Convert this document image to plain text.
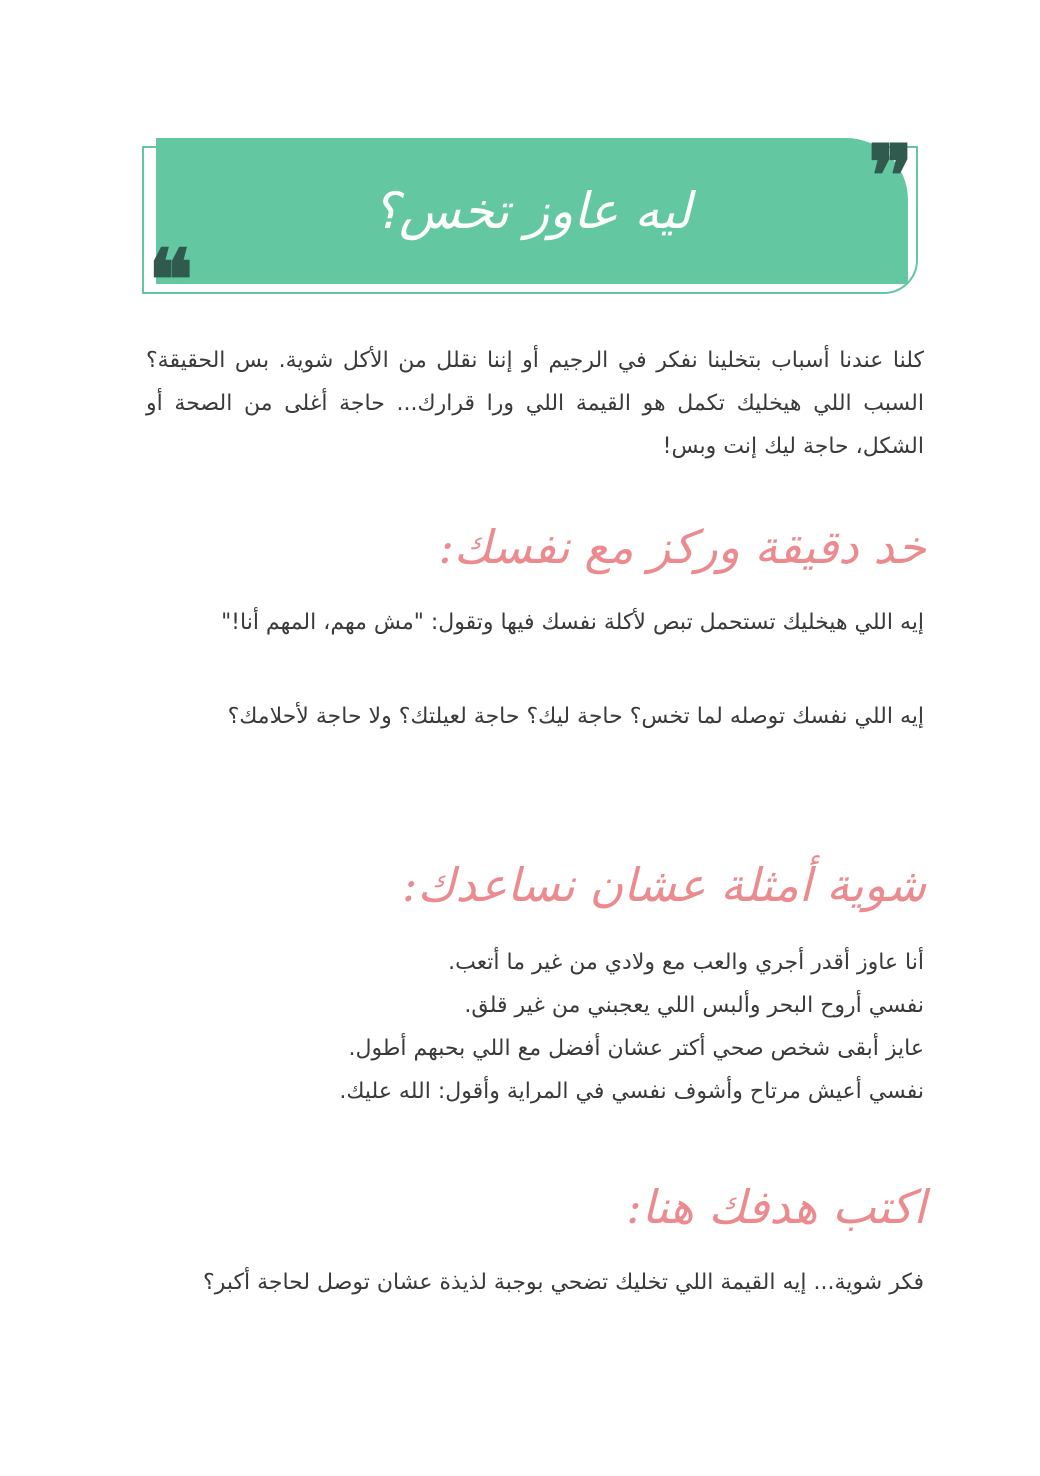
ليه عاوز تخس؟ ❞
❝

كلنا عندنا أسباب بتخلينا نفكر في الرجيم أو إننا نقلل من الأكل شوية. بس الحقيقة؟ السبب اللي هيخليك تكمل هو القيمة اللي ورا قرارك... حاجة أغلى من الصحة أو الشكل، حاجة ليك إنت وبس!

خد دقيقة وركز مع نفسك:

إيه اللي هيخليك تستحمل تبص لأكلة نفسك فيها وتقول: "مش مهم، المهم أنا!"

إيه اللي نفسك توصله لما تخس؟ حاجة ليك؟ حاجة لعيلتك؟ ولا حاجة لأحلامك؟

شوية أمثلة عشان نساعدك:
أنا عاوز أقدر أجري والعب مع ولادي من غير ما أتعب.
نفسي أروح البحر وألبس اللي يعجبني من غير قلق.
عايز أبقى شخص صحي أكتر عشان أفضل مع اللي بحبهم أطول.
نفسي أعيش مرتاح وأشوف نفسي في المراية وأقول: الله عليك.
اكتب هدفك هنا:

فكر شوية... إيه القيمة اللي تخليك تضحي بوجبة لذيذة عشان توصل لحاجة أكبر؟
